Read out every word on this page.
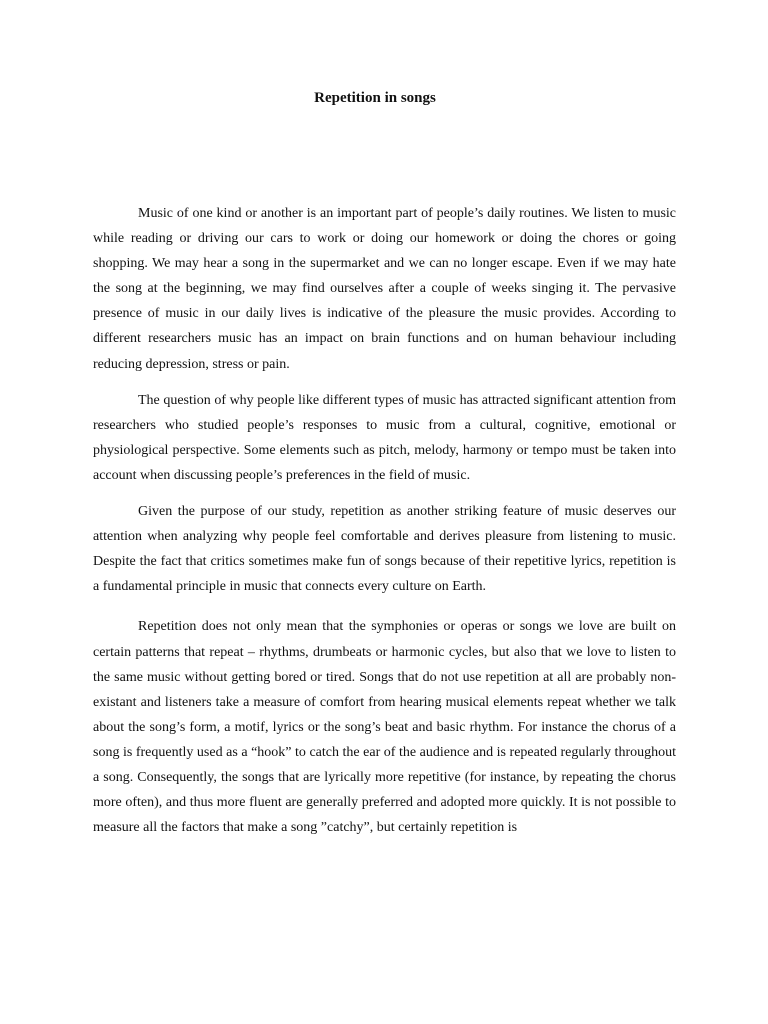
Repetition in songs

Music of one kind or another is an important part of people’s daily routines. We listen to music while reading or driving our cars to work or doing our homework or doing the chores or going shopping. We may hear a song in the supermarket and we can no longer escape. Even if we may hate the song at the beginning, we may find ourselves after a couple of weeks singing it. The pervasive presence of music in our daily lives is indicative of the pleasure the music provides. According to different researchers music has an impact on brain functions and on human behaviour including reducing depression, stress or pain.

The question of why people like different types of music has attracted significant attention from researchers who studied people’s responses to music from a cultural, cognitive, emotional or physiological perspective. Some elements such as pitch, melody, harmony or tempo must be taken into account when discussing people’s preferences in the field of music.

Given the purpose of our study, repetition as another striking feature of music deserves our attention when analyzing why people feel comfortable and derives pleasure from listening to music. Despite the fact that critics sometimes make fun of songs because of their repetitive lyrics, repetition is a fundamental principle in music that connects every culture on Earth.

Repetition does not only mean that the symphonies or operas or songs we love are built on certain patterns that repeat – rhythms, drumbeats or harmonic cycles, but also that we love to listen to the same music without getting bored or tired. Songs that do not use repetition at all are probably non-existant and listeners take a measure of comfort from hearing musical elements repeat whether we talk about the song’s form, a motif, lyrics or the song’s beat and basic rhythm. For instance the chorus of a song is frequently used as a “hook” to catch the ear of the audience and is repeated regularly throughout a song. Consequently, the songs that are lyrically more repetitive (for instance, by repeating the chorus more often), and thus more fluent are generally preferred and adopted more quickly. It is not possible to measure all the factors that make a song ”catchy”, but certainly repetition is
